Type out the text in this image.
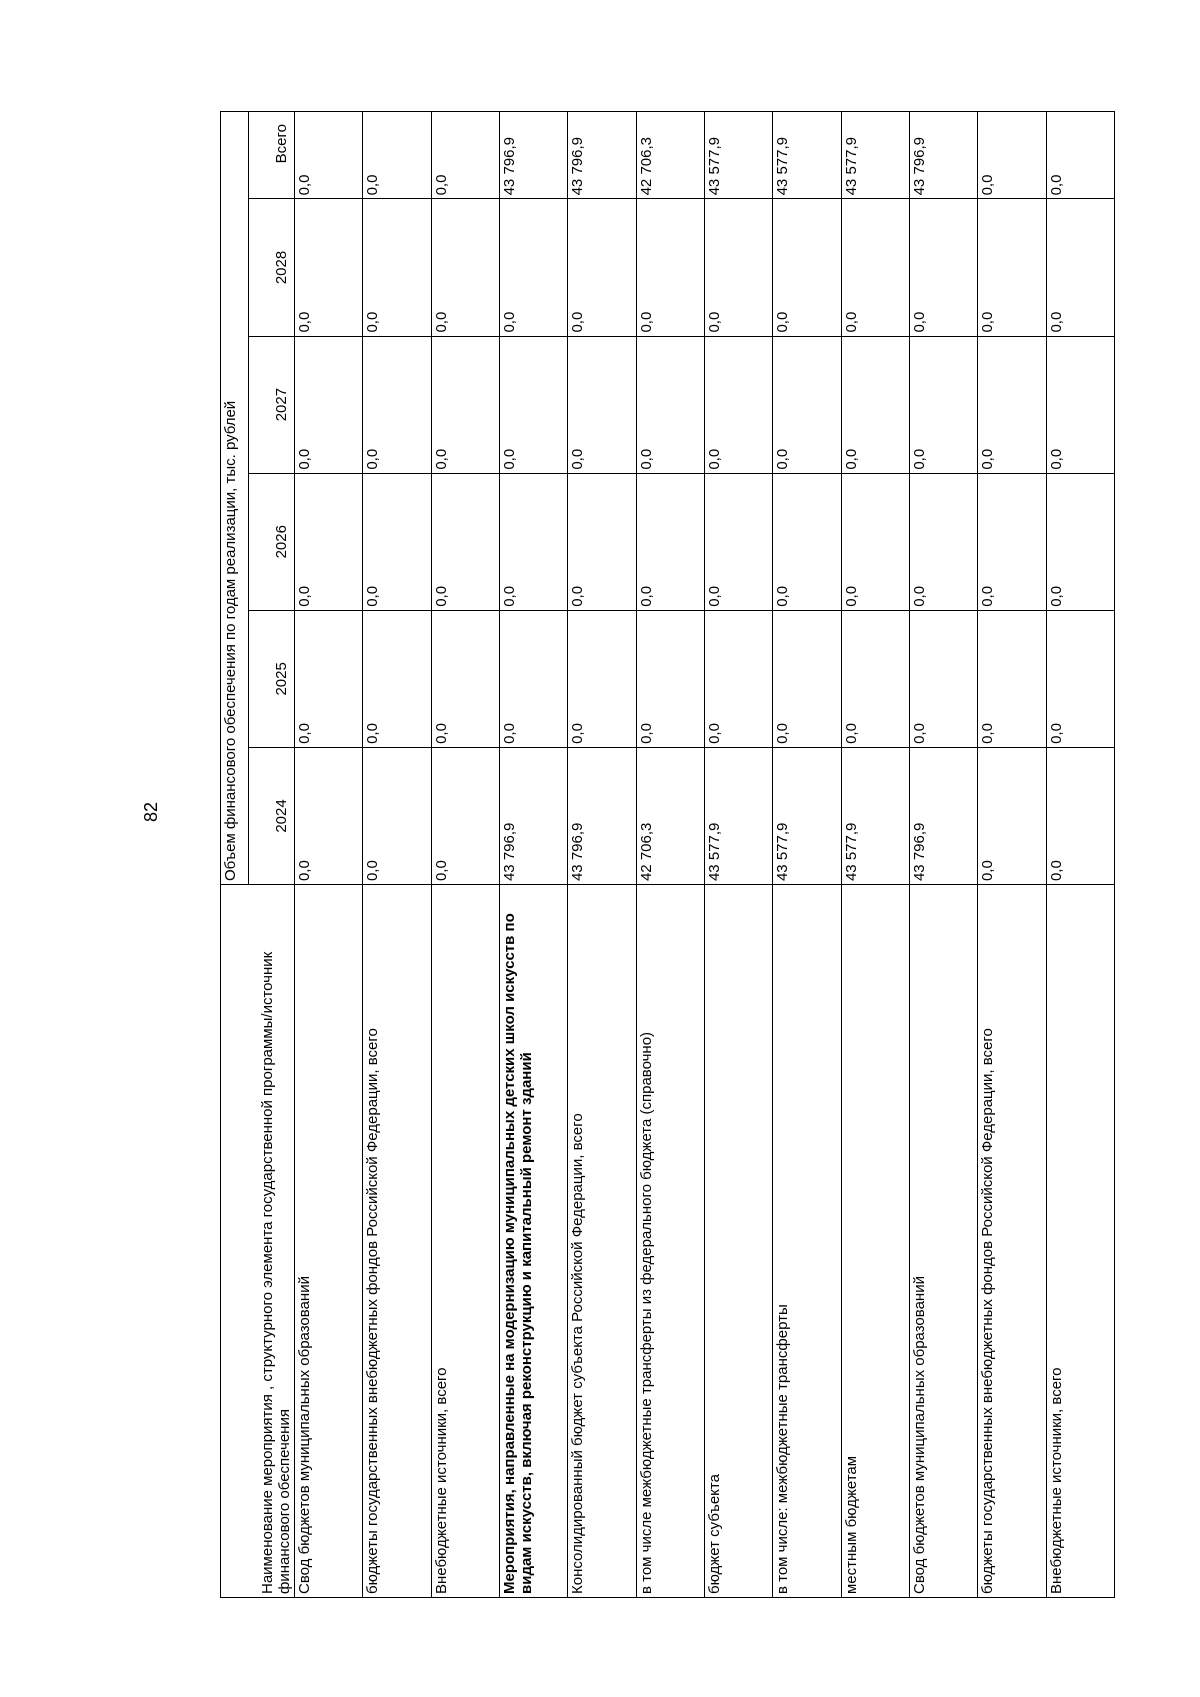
82
Наименование мероприятия , структурного элемента государственной программы/источник финансового обеспечения	Объем финансового обеспечения по годам реализации, тыс. рублей					
	2024	2025	2026	2027	2028	Всего
Свод бюджетов муниципальных образований	0,0	0,0	0,0	0,0	0,0	0,0
бюджеты государственных внебюджетных фондов Российской Федерации, всего	0,0	0,0	0,0	0,0	0,0	0,0
Внебюджетные источники, всего	0,0	0,0	0,0	0,0	0,0	0,0
Мероприятия, направленные на модернизацию муниципальных детских школ искусств по видам искусств, включая реконструкцию и капитальный ремонт зданий	43 796,9	0,0	0,0	0,0	0,0	43 796,9
Консолидированный бюджет субъекта Российской Федерации, всего	43 796,9	0,0	0,0	0,0	0,0	43 796,9
в том числе межбюджетные трансферты из федерального бюджета (справочно)	42 706,3	0,0	0,0	0,0	0,0	42 706,3
бюджет субъекта	43 577,9	0,0	0,0	0,0	0,0	43 577,9
в том числе: межбюджетные трансферты	43 577,9	0,0	0,0	0,0	0,0	43 577,9
местным бюджетам	43 577,9	0,0	0,0	0,0	0,0	43 577,9
Свод бюджетов муниципальных образований	43 796,9	0,0	0,0	0,0	0,0	43 796,9
бюджеты государственных внебюджетных фондов Российской Федерации, всего	0,0	0,0	0,0	0,0	0,0	0,0
Внебюджетные источники, всего	0,0	0,0	0,0	0,0	0,0	0,0
